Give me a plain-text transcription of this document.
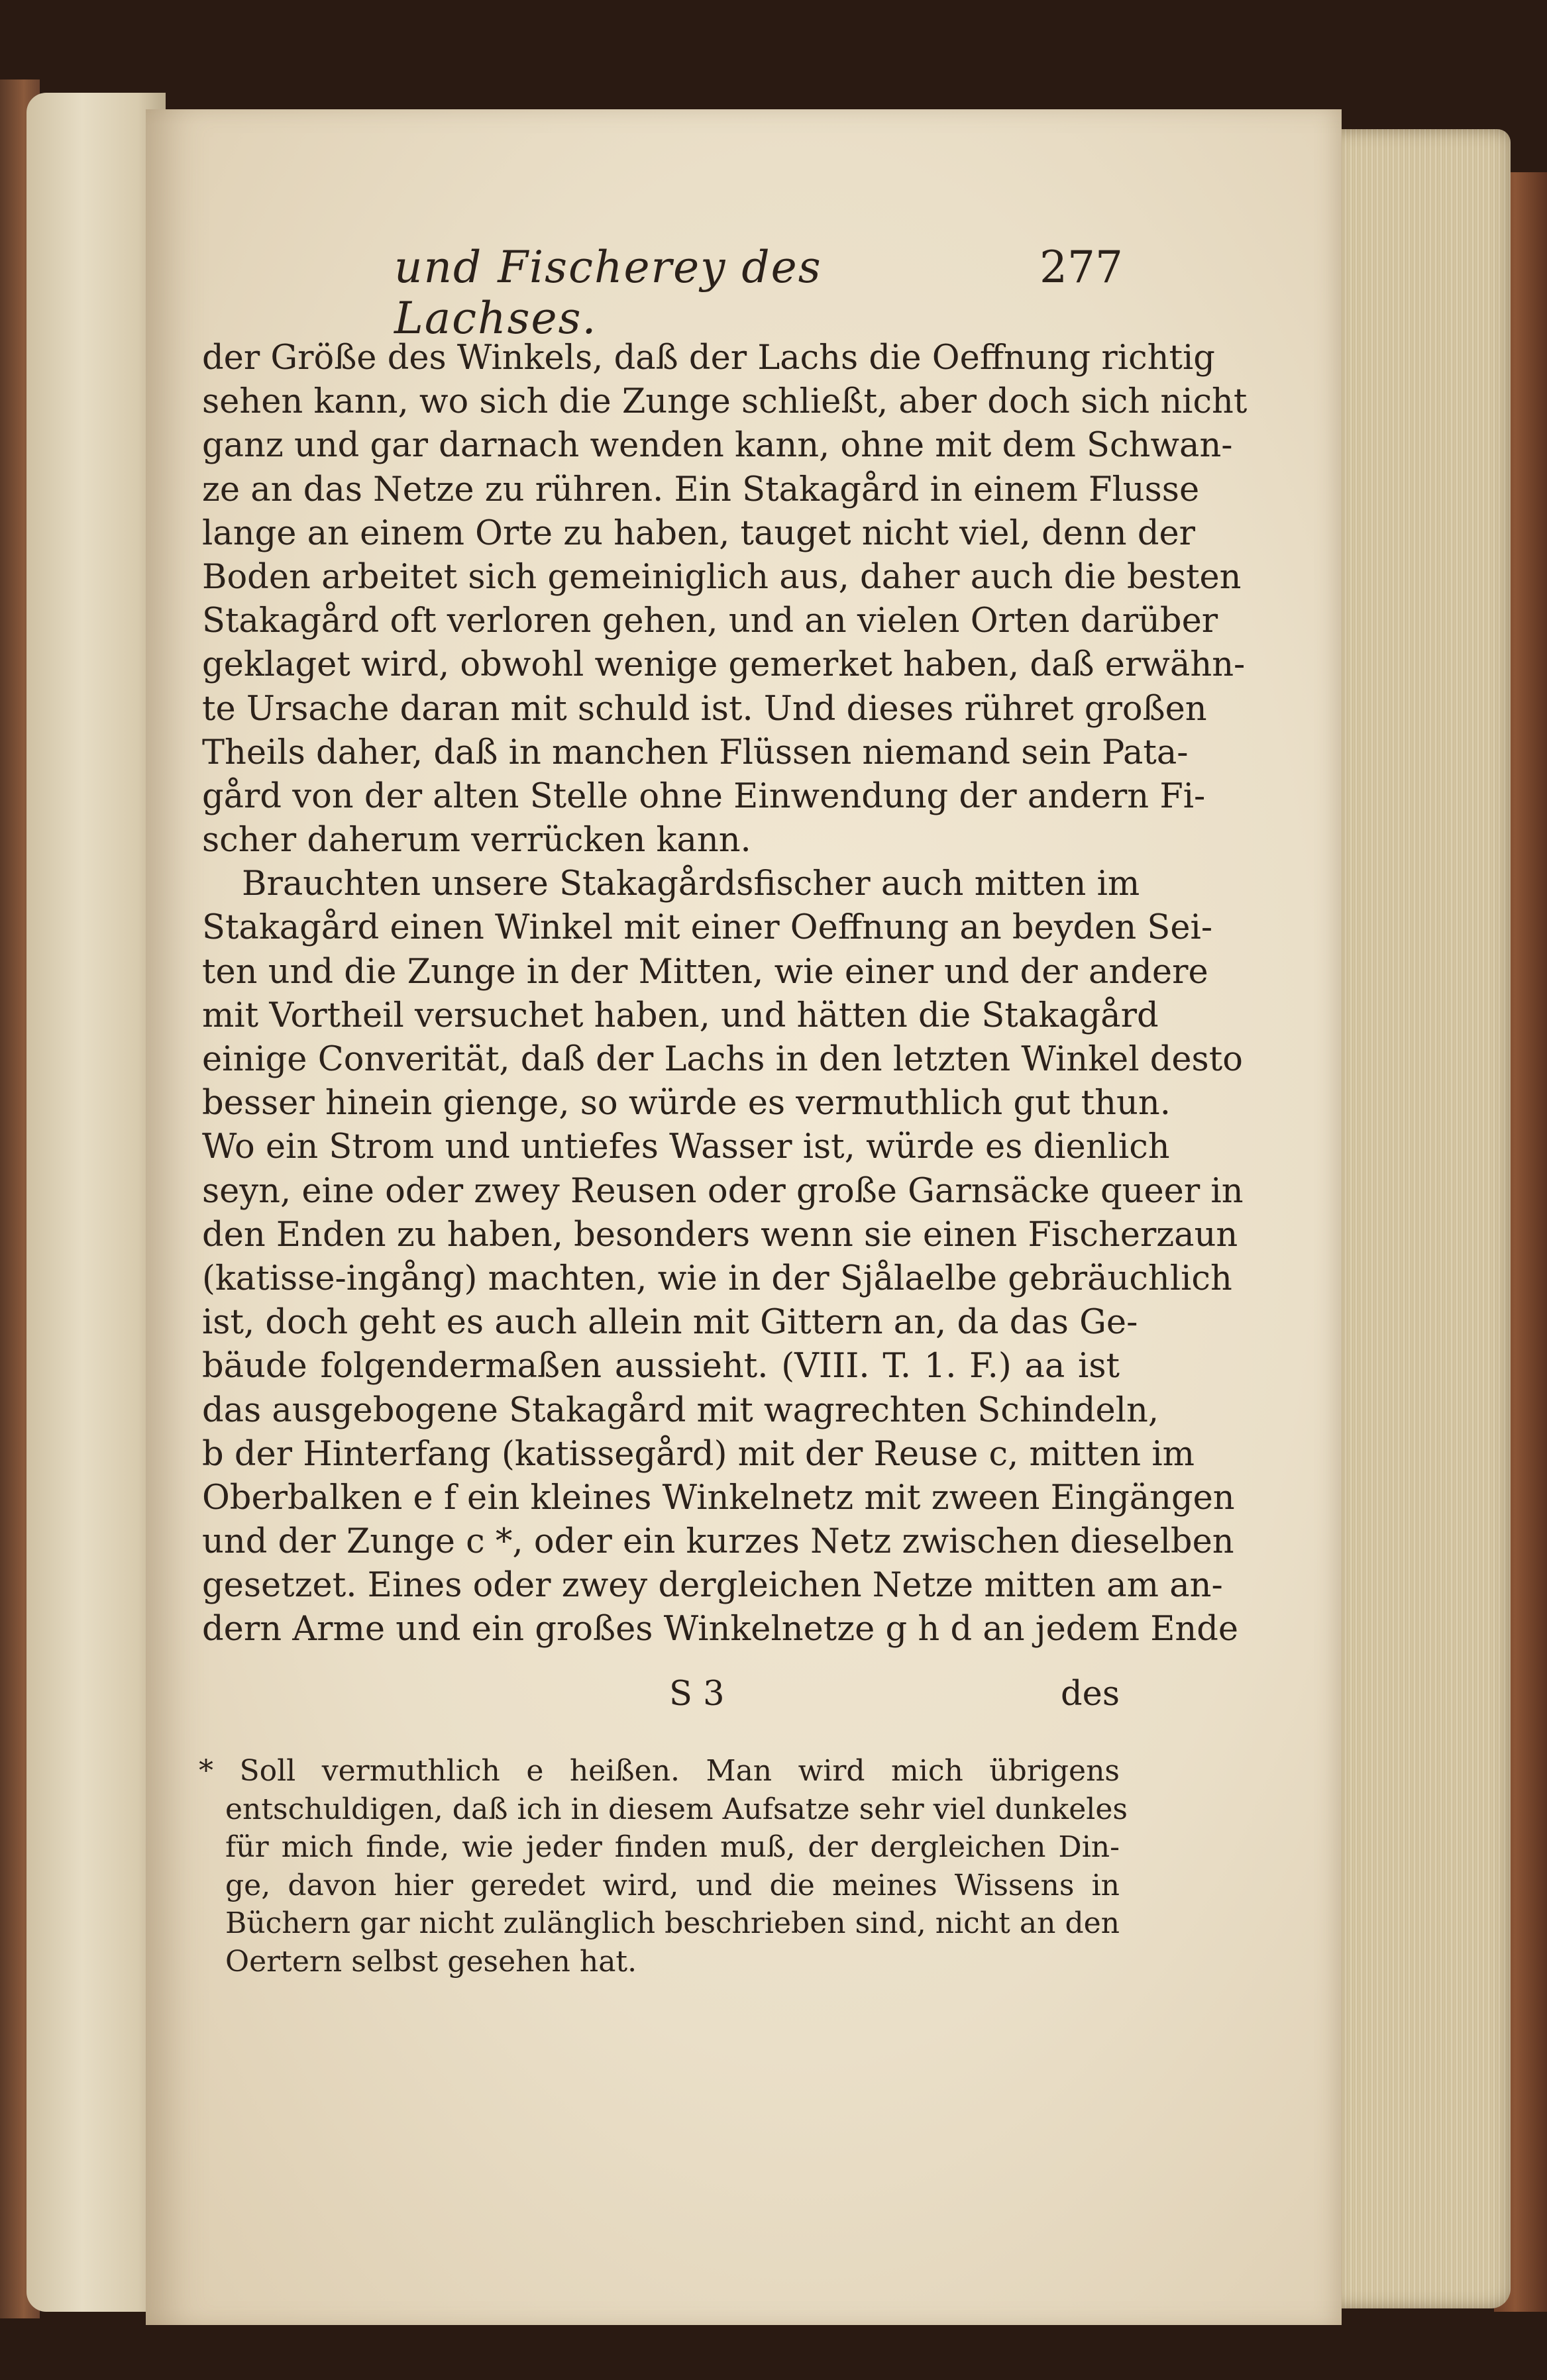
und Fischerey des Lachses.
277
der Größe des Winkels, daß der Lachs die Oeffnung richtig
sehen kann, wo sich die Zunge schließt, aber doch sich nicht
ganz und gar darnach wenden kann, ohne mit dem Schwan-
ze an das Netze zu rühren. Ein Stakagård in einem Flusse
lange an einem Orte zu haben, tauget nicht viel, denn der
Boden arbeitet sich gemeiniglich aus, daher auch die besten
Stakagård oft verloren gehen, und an vielen Orten darüber
geklaget wird, obwohl wenige gemerket haben, daß erwähn-
te Ursache daran mit schuld ist. Und dieses rühret großen
Theils daher, daß in manchen Flüssen niemand sein Pata-
gård von der alten Stelle ohne Einwendung der andern Fi-
scher daherum verrücken kann.
Brauchten unsere Stakagårdsfischer auch mitten im
Stakagård einen Winkel mit einer Oeffnung an beyden Sei-
ten und die Zunge in der Mitten, wie einer und der andere
mit Vortheil versuchet haben, und hätten die Stakagård
einige Converität, daß der Lachs in den letzten Winkel desto
besser hinein gienge, so würde es vermuthlich gut thun.
Wo ein Strom und untiefes Wasser ist, würde es dienlich
seyn, eine oder zwey Reusen oder große Garnsäcke queer in
den Enden zu haben, besonders wenn sie einen Fischerzaun
(katisse-ingång) machten, wie in der Sjålaelbe gebräuchlich
ist, doch geht es auch allein mit Gittern an, da das Ge-
bäude folgendermaßen aussieht. (VIII. T. 1. F.) aa ist
das ausgebogene Stakagård mit wagrechten Schindeln,
b der Hinterfang (katissegård) mit der Reuse c, mitten im
Oberbalken e f ein kleines Winkelnetz mit zween Eingängen
und der Zunge c *, oder ein kurzes Netz zwischen dieselben
gesetzet. Eines oder zwey dergleichen Netze mitten am an-
dern Arme und ein großes Winkelnetze g h d an jedem Ende
S 3	des
* Soll vermuthlich e heißen. Man wird mich übrigens
entschuldigen, daß ich in diesem Aufsatze sehr viel dunkeles
für mich finde, wie jeder finden muß, der dergleichen Din-
ge, davon hier geredet wird, und die meines Wissens in
Büchern gar nicht zulänglich beschrieben sind, nicht an den
Oertern selbst gesehen hat.
